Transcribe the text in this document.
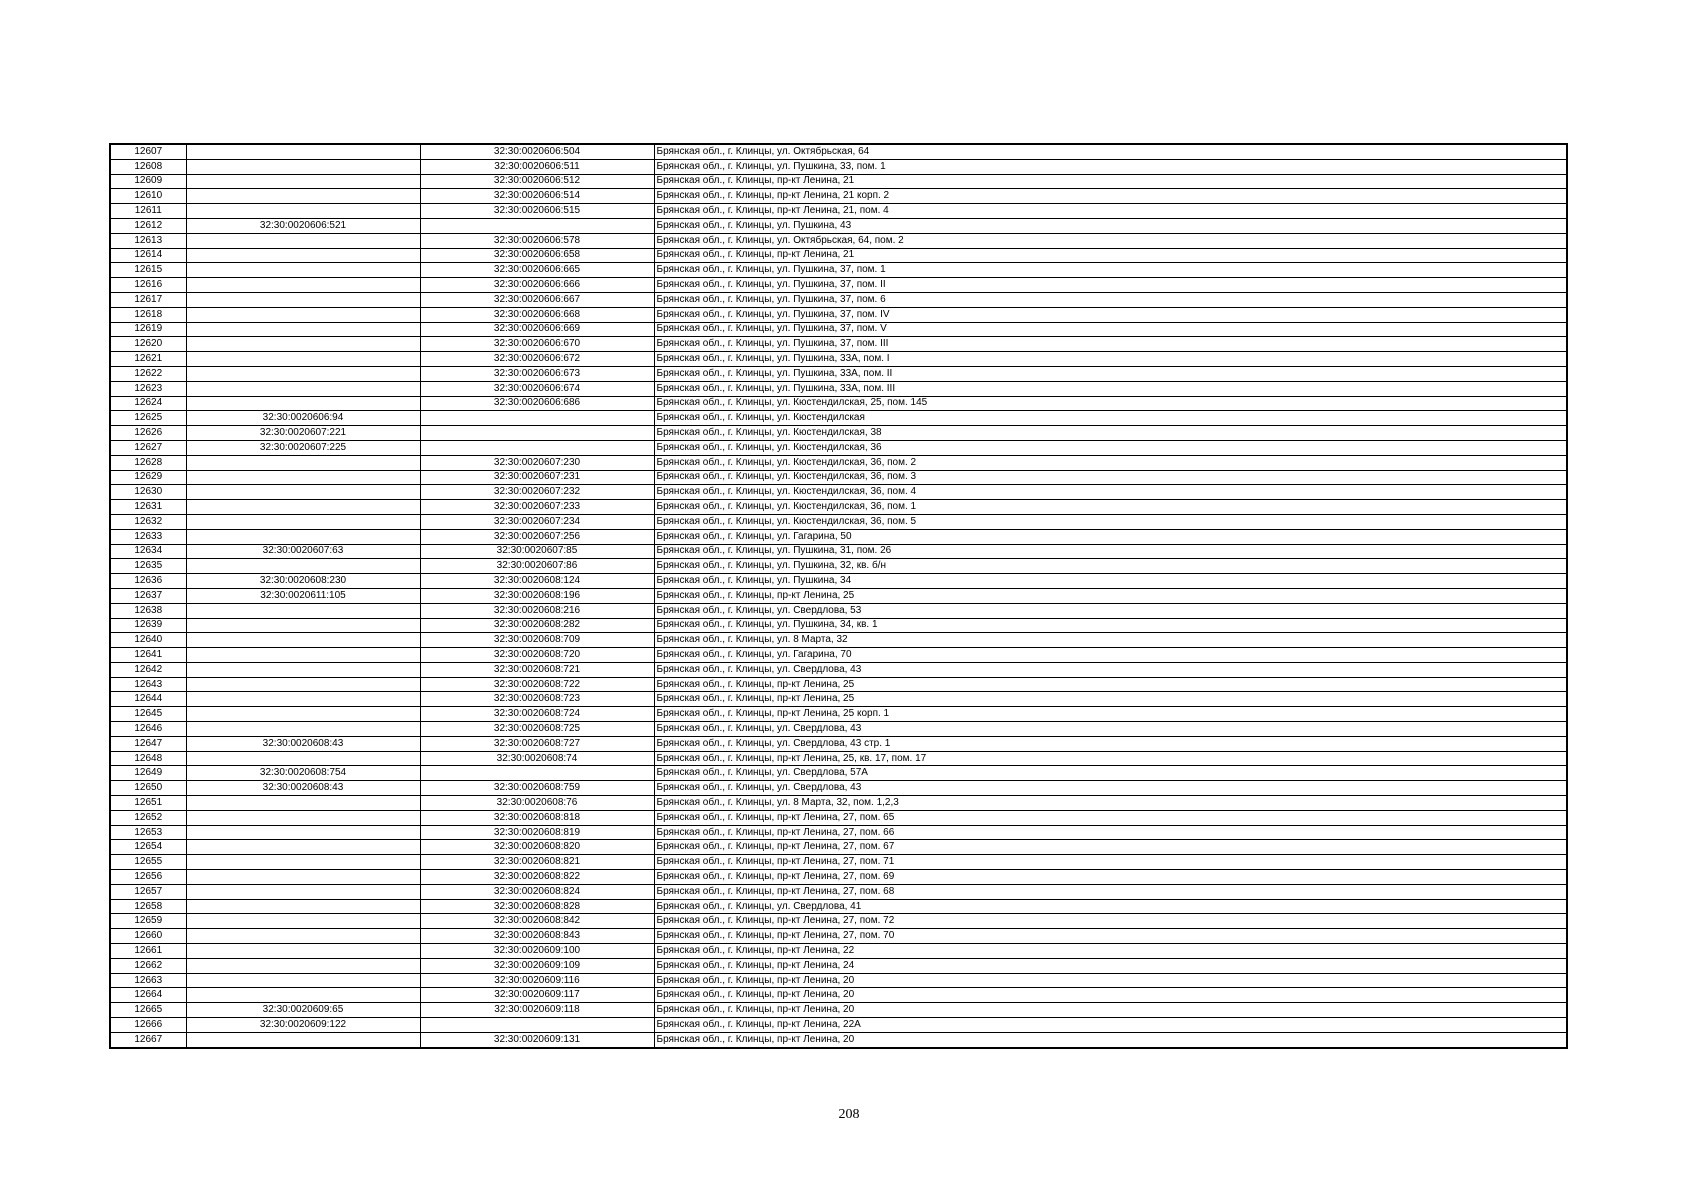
12607		32:30:0020606:504	Брянская обл., г. Клинцы, ул. Октябрьская, 64
12608		32:30:0020606:511	Брянская обл., г. Клинцы, ул. Пушкина, 33, пом. 1
12609		32:30:0020606:512	Брянская обл., г. Клинцы, пр-кт Ленина, 21
12610		32:30:0020606:514	Брянская обл., г. Клинцы, пр-кт Ленина, 21 корп. 2
12611		32:30:0020606:515	Брянская обл., г. Клинцы, пр-кт Ленина, 21, пом. 4
12612	32:30:0020606:521		Брянская обл., г. Клинцы, ул. Пушкина, 43
12613		32:30:0020606:578	Брянская обл., г. Клинцы, ул. Октябрьская, 64, пом. 2
12614		32:30:0020606:658	Брянская обл., г. Клинцы, пр-кт Ленина, 21
12615		32:30:0020606:665	Брянская обл., г. Клинцы, ул. Пушкина, 37, пом. 1
12616		32:30:0020606:666	Брянская обл., г. Клинцы, ул. Пушкина, 37, пом. II
12617		32:30:0020606:667	Брянская обл., г. Клинцы, ул. Пушкина, 37, пом. 6
12618		32:30:0020606:668	Брянская обл., г. Клинцы, ул. Пушкина, 37, пом. IV
12619		32:30:0020606:669	Брянская обл., г. Клинцы, ул. Пушкина, 37, пом. V
12620		32:30:0020606:670	Брянская обл., г. Клинцы, ул. Пушкина, 37, пом. III
12621		32:30:0020606:672	Брянская обл., г. Клинцы, ул. Пушкина, 33А, пом. I
12622		32:30:0020606:673	Брянская обл., г. Клинцы, ул. Пушкина, 33А, пом. II
12623		32:30:0020606:674	Брянская обл., г. Клинцы, ул. Пушкина, 33А, пом. III
12624		32:30:0020606:686	Брянская обл., г. Клинцы, ул. Кюстендилская, 25, пом. 145
12625	32:30:0020606:94		Брянская обл., г. Клинцы, ул. Кюстендилская
12626	32:30:0020607:221		Брянская обл., г. Клинцы, ул. Кюстендилская, 38
12627	32:30:0020607:225		Брянская обл., г. Клинцы, ул. Кюстендилская, 36
12628		32:30:0020607:230	Брянская обл., г. Клинцы, ул. Кюстендилская, 36, пом. 2
12629		32:30:0020607:231	Брянская обл., г. Клинцы, ул. Кюстендилская, 36, пом. 3
12630		32:30:0020607:232	Брянская обл., г. Клинцы, ул. Кюстендилская, 36, пом. 4
12631		32:30:0020607:233	Брянская обл., г. Клинцы, ул. Кюстендилская, 36, пом. 1
12632		32:30:0020607:234	Брянская обл., г. Клинцы, ул. Кюстендилская, 36, пом. 5
12633		32:30:0020607:256	Брянская обл., г. Клинцы, ул. Гагарина, 50
12634	32:30:0020607:63	32:30:0020607:85	Брянская обл., г. Клинцы, ул. Пушкина, 31, пом. 26
12635		32:30:0020607:86	Брянская обл., г. Клинцы, ул. Пушкина, 32, кв. б/н
12636	32:30:0020608:230	32:30:0020608:124	Брянская обл., г. Клинцы, ул. Пушкина, 34
12637	32:30:0020611:105	32:30:0020608:196	Брянская обл., г. Клинцы, пр-кт Ленина, 25
12638		32:30:0020608:216	Брянская обл., г. Клинцы, ул. Свердлова, 53
12639		32:30:0020608:282	Брянская обл., г. Клинцы, ул. Пушкина, 34, кв. 1
12640		32:30:0020608:709	Брянская обл., г. Клинцы, ул. 8 Марта, 32
12641		32:30:0020608:720	Брянская обл., г. Клинцы, ул. Гагарина, 70
12642		32:30:0020608:721	Брянская обл., г. Клинцы, ул. Свердлова, 43
12643		32:30:0020608:722	Брянская обл., г. Клинцы, пр-кт Ленина, 25
12644		32:30:0020608:723	Брянская обл., г. Клинцы, пр-кт Ленина, 25
12645		32:30:0020608:724	Брянская обл., г. Клинцы, пр-кт Ленина, 25 корп. 1
12646		32:30:0020608:725	Брянская обл., г. Клинцы, ул. Свердлова, 43
12647	32:30:0020608:43	32:30:0020608:727	Брянская обл., г. Клинцы, ул. Свердлова, 43 стр. 1
12648		32:30:0020608:74	Брянская обл., г. Клинцы, пр-кт Ленина, 25, кв. 17, пом. 17
12649	32:30:0020608:754		Брянская обл., г. Клинцы, ул. Свердлова, 57А
12650	32:30:0020608:43	32:30:0020608:759	Брянская обл., г. Клинцы, ул. Свердлова, 43
12651		32:30:0020608:76	Брянская обл., г. Клинцы, ул. 8 Марта, 32, пом. 1,2,3
12652		32:30:0020608:818	Брянская обл., г. Клинцы, пр-кт Ленина, 27, пом. 65
12653		32:30:0020608:819	Брянская обл., г. Клинцы, пр-кт Ленина, 27, пом. 66
12654		32:30:0020608:820	Брянская обл., г. Клинцы, пр-кт Ленина, 27, пом. 67
12655		32:30:0020608:821	Брянская обл., г. Клинцы, пр-кт Ленина, 27, пом. 71
12656		32:30:0020608:822	Брянская обл., г. Клинцы, пр-кт Ленина, 27, пом. 69
12657		32:30:0020608:824	Брянская обл., г. Клинцы, пр-кт Ленина, 27, пом. 68
12658		32:30:0020608:828	Брянская обл., г. Клинцы, ул. Свердлова, 41
12659		32:30:0020608:842	Брянская обл., г. Клинцы, пр-кт Ленина, 27, пом. 72
12660		32:30:0020608:843	Брянская обл., г. Клинцы, пр-кт Ленина, 27, пом. 70
12661		32:30:0020609:100	Брянская обл., г. Клинцы, пр-кт Ленина, 22
12662		32:30:0020609:109	Брянская обл., г. Клинцы, пр-кт Ленина, 24
12663		32:30:0020609:116	Брянская обл., г. Клинцы, пр-кт Ленина, 20
12664		32:30:0020609:117	Брянская обл., г. Клинцы, пр-кт Ленина, 20
12665	32:30:0020609:65	32:30:0020609:118	Брянская обл., г. Клинцы, пр-кт Ленина, 20
12666	32:30:0020609:122		Брянская обл., г. Клинцы, пр-кт Ленина, 22А
12667		32:30:0020609:131	Брянская обл., г. Клинцы, пр-кт Ленина, 20
208
